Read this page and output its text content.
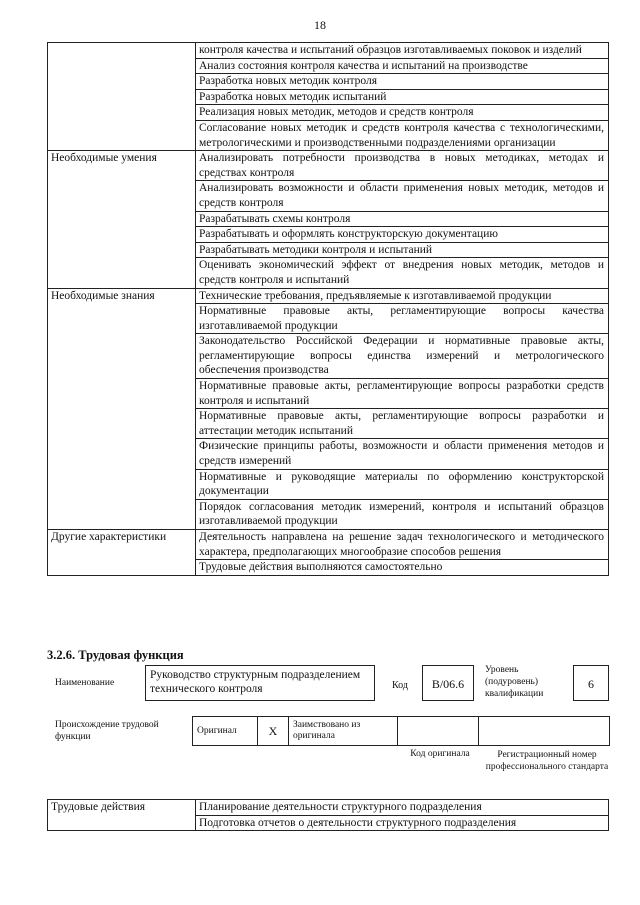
18
	контроля качества и испытаний образцов изготавливаемых поковок и изделий
	Анализ состояния контроля качества и испытаний на производстве
	Разработка новых методик контроля
	Разработка новых методик испытаний
	Реализация новых методик, методов и средств контроля
	Согласование новых методик и средств контроля качества с технологическими, метрологическими и производственными подразделениями организации
Необходимые умения	Анализировать потребности производства в новых методиках, методах и средствах контроля
	Анализировать возможности и области применения новых методик, методов и средств контроля
	Разрабатывать схемы контроля
	Разрабатывать и оформлять конструкторскую документацию
	Разрабатывать методики контроля и испытаний
	Оценивать экономический эффект от внедрения новых методик, методов и средств контроля и испытаний
Необходимые знания	Технические требования, предъявляемые к изготавливаемой продукции
	Нормативные правовые акты, регламентирующие вопросы качества изготавливаемой продукции
	Законодательство Российской Федерации и нормативные правовые акты, регламентирующие вопросы единства измерений и метрологического обеспечения производства
	Нормативные правовые акты, регламентирующие вопросы разработки средств контроля и испытаний
	Нормативные правовые акты, регламентирующие вопросы разработки и аттестации методик испытаний
	Физические принципы работы, возможности и области применения методов и средств измерений
	Нормативные и руководящие материалы по оформлению конструкторской документации
	Порядок согласования методик измерений, контроля и испытаний образцов изготавливаемой продукции
Другие характеристики	Деятельность направлена на решение задач технологического и методического характера, предполагающих многообразие способов решения
	Трудовые действия выполняются самостоятельно
3.2.6. Трудовая функция
Наименование
Руководство структурным подразделением технического контроля	Код	B/06.6
Уровень (подуровень) квалификации
6
Происхождение трудовой функции
Оригинал	X	Заимствовано из оригинала		
Код оригинала	Регистрационный номер профессионального стандарта
Трудовые действия	Планирование деятельности структурного подразделения
Подготовка отчетов о деятельности структурного подразделения
